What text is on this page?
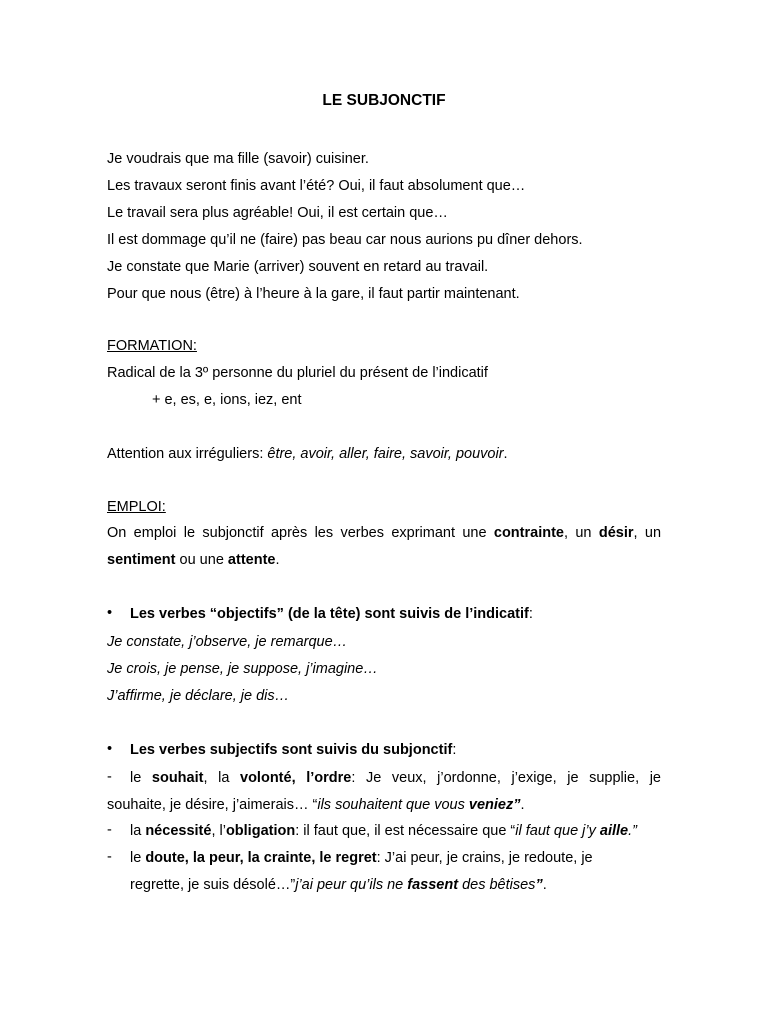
LE SUBJONCTIF
Je voudrais que ma fille (savoir) cuisiner.
Les travaux seront finis avant l’été? Oui, il faut absolument que…
Le travail sera plus agréable! Oui, il est certain que…
Il est dommage qu’il ne (faire) pas beau car nous aurions pu dîner dehors.
Je constate que Marie (arriver) souvent en retard au travail.
Pour que nous (être) à l’heure à la gare, il faut partir maintenant.
FORMATION:
Radical de la 3º personne du pluriel du présent de l’indicatif
+ e, es, e, ions, iez, ent
Attention aux irréguliers: être, avoir, aller, faire, savoir, pouvoir.
EMPLOI:
On emploi le subjonctif après les verbes exprimant une contrainte, un désir, un
sentiment ou une attente.
•	Les verbes “objectifs” (de la tête) sont suivis de l’indicatif:
Je constate, j’observe, je remarque…
Je crois, je pense, je suppose, j’imagine…
J’affirme, je déclare, je dis…
•	Les verbes subjectifs sont suivis du subjonctif:
- le souhait, la volonté, l’ordre: Je veux, j’ordonne, j’exige, je supplie, je
souhaite, je désire, j’aimerais… “ils souhaitent que vous veniez”.
- la nécessité, l’obligation: il faut que, il est nécessaire que “il faut que j’y aille.”
- le doute, la peur, la crainte, le regret: J’ai peur, je crains, je redoute, je
regrette, je suis désolé…”j’ai peur qu’ils ne fassent des bêtises”.
